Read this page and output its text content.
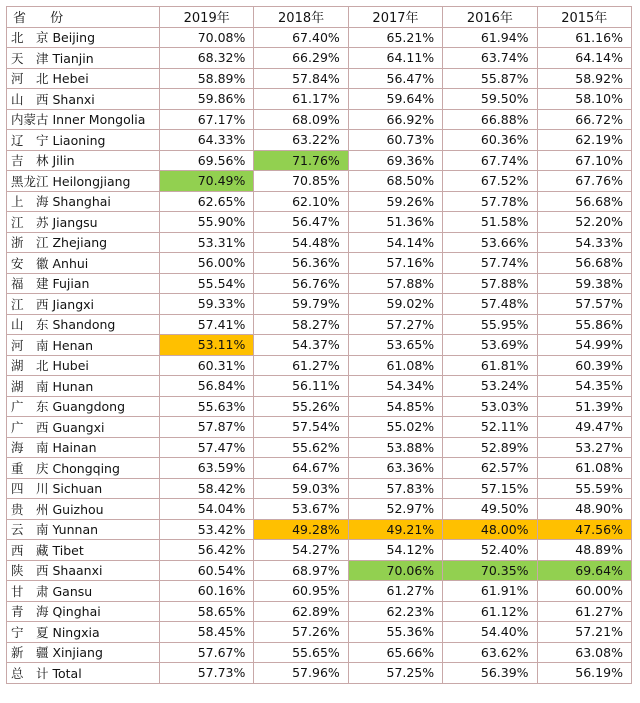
省 份	2019年	2018年	2017年	2016年	2015年
北　京 Beijing	70.08%	67.40%	65.21%	61.94%	61.16%
天　津 Tianjin	68.32%	66.29%	64.11%	63.74%	64.14%
河　北 Hebei	58.89%	57.84%	56.47%	55.87%	58.92%
山　西 Shanxi	59.86%	61.17%	59.64%	59.50%	58.10%
内蒙古 Inner Mongolia	67.17%	68.09%	66.92%	66.88%	66.72%
辽　宁 Liaoning	64.33%	63.22%	60.73%	60.36%	62.19%
吉　林 Jilin	69.56%	71.76%	69.36%	67.74%	67.10%
黑龙江 Heilongjiang	70.49%	70.85%	68.50%	67.52%	67.76%
上　海 Shanghai	62.65%	62.10%	59.26%	57.78%	56.68%
江　苏 Jiangsu	55.90%	56.47%	51.36%	51.58%	52.20%
浙　江 Zhejiang	53.31%	54.48%	54.14%	53.66%	54.33%
安　徽 Anhui	56.00%	56.36%	57.16%	57.74%	56.68%
福　建 Fujian	55.54%	56.76%	57.88%	57.88%	59.38%
江　西 Jiangxi	59.33%	59.79%	59.02%	57.48%	57.57%
山　东 Shandong	57.41%	58.27%	57.27%	55.95%	55.86%
河　南 Henan	53.11%	54.37%	53.65%	53.69%	54.99%
湖　北 Hubei	60.31%	61.27%	61.08%	61.81%	60.39%
湖　南 Hunan	56.84%	56.11%	54.34%	53.24%	54.35%
广　东 Guangdong	55.63%	55.26%	54.85%	53.03%	51.39%
广　西 Guangxi	57.87%	57.54%	55.02%	52.11%	49.47%
海　南 Hainan	57.47%	55.62%	53.88%	52.89%	53.27%
重　庆 Chongqing	63.59%	64.67%	63.36%	62.57%	61.08%
四　川 Sichuan	58.42%	59.03%	57.83%	57.15%	55.59%
贵　州 Guizhou	54.04%	53.67%	52.97%	49.50%	48.90%
云　南 Yunnan	53.42%	49.28%	49.21%	48.00%	47.56%
西　藏 Tibet	56.42%	54.27%	54.12%	52.40%	48.89%
陕　西 Shaanxi	60.54%	68.97%	70.06%	70.35%	69.64%
甘　肃 Gansu	60.16%	60.95%	61.27%	61.91%	60.00%
青　海 Qinghai	58.65%	62.89%	62.23%	61.12%	61.27%
宁　夏 Ningxia	58.45%	57.26%	55.36%	54.40%	57.21%
新　疆 Xinjiang	57.67%	55.65%	65.66%	63.62%	63.08%
总　计 Total	57.73%	57.96%	57.25%	56.39%	56.19%
